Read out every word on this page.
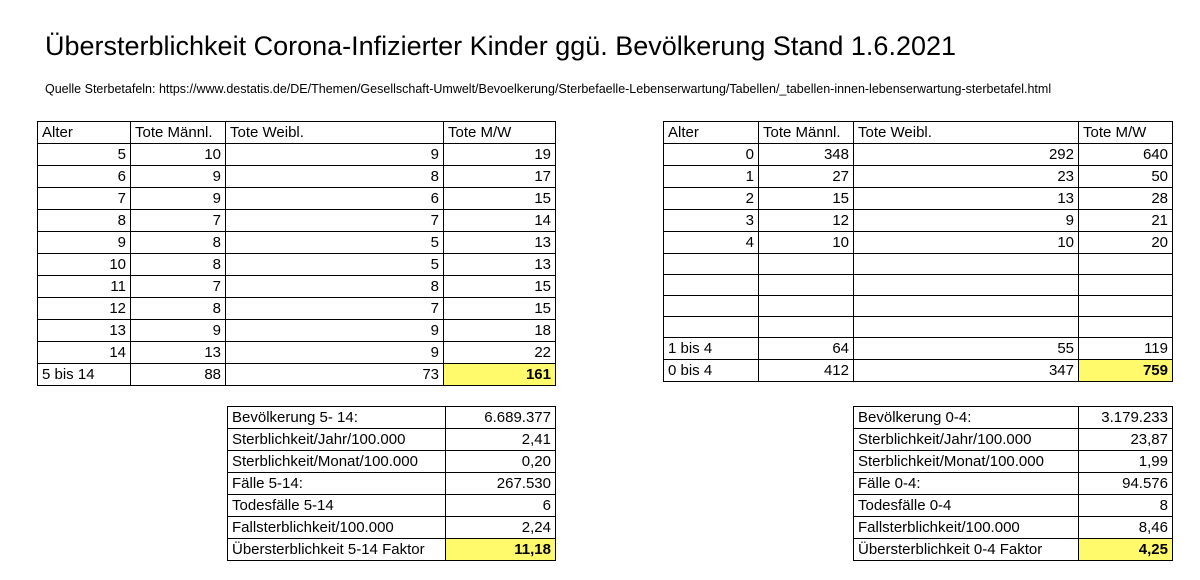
Übersterblichkeit Corona-Infizierter Kinder ggü. Bevölkerung Stand 1.6.2021
Quelle Sterbetafeln: https://www.destatis.de/DE/Themen/Gesellschaft-Umwelt/Bevoelkerung/Sterbefaelle-Lebenserwartung/Tabellen/_tabellen-innen-lebenserwartung-sterbetafel.html
Alter	Tote Männl.	Tote Weibl.	Tote M/W
5	10	9	19
6	9	8	17
7	9	6	15
8	7	7	14
9	8	5	13
10	8	5	13
11	7	8	15
12	8	7	15
13	9	9	18
14	13	9	22
5 bis 14	88	73	161
Alter	Tote Männl.	Tote Weibl.	Tote M/W
0	348	292	640
1	27	23	50
2	15	13	28
3	12	9	21
4	10	10	20

1 bis 4	64	55	119
0 bis 4	412	347	759
Bevölkerung 5- 14:	6.689.377
Sterblichkeit/Jahr/100.000	2,41
Sterblichkeit/Monat/100.000	0,20
Fälle 5-14:	267.530
Todesfälle 5-14	6
Fallsterblichkeit/100.000	2,24
Übersterblichkeit 5-14 Faktor	11,18
Bevölkerung 0-4:	3.179.233
Sterblichkeit/Jahr/100.000	23,87
Sterblichkeit/Monat/100.000	1,99
Fälle 0-4:	94.576
Todesfälle 0-4	8
Fallsterblichkeit/100.000	8,46
Übersterblichkeit 0-4 Faktor	4,25
